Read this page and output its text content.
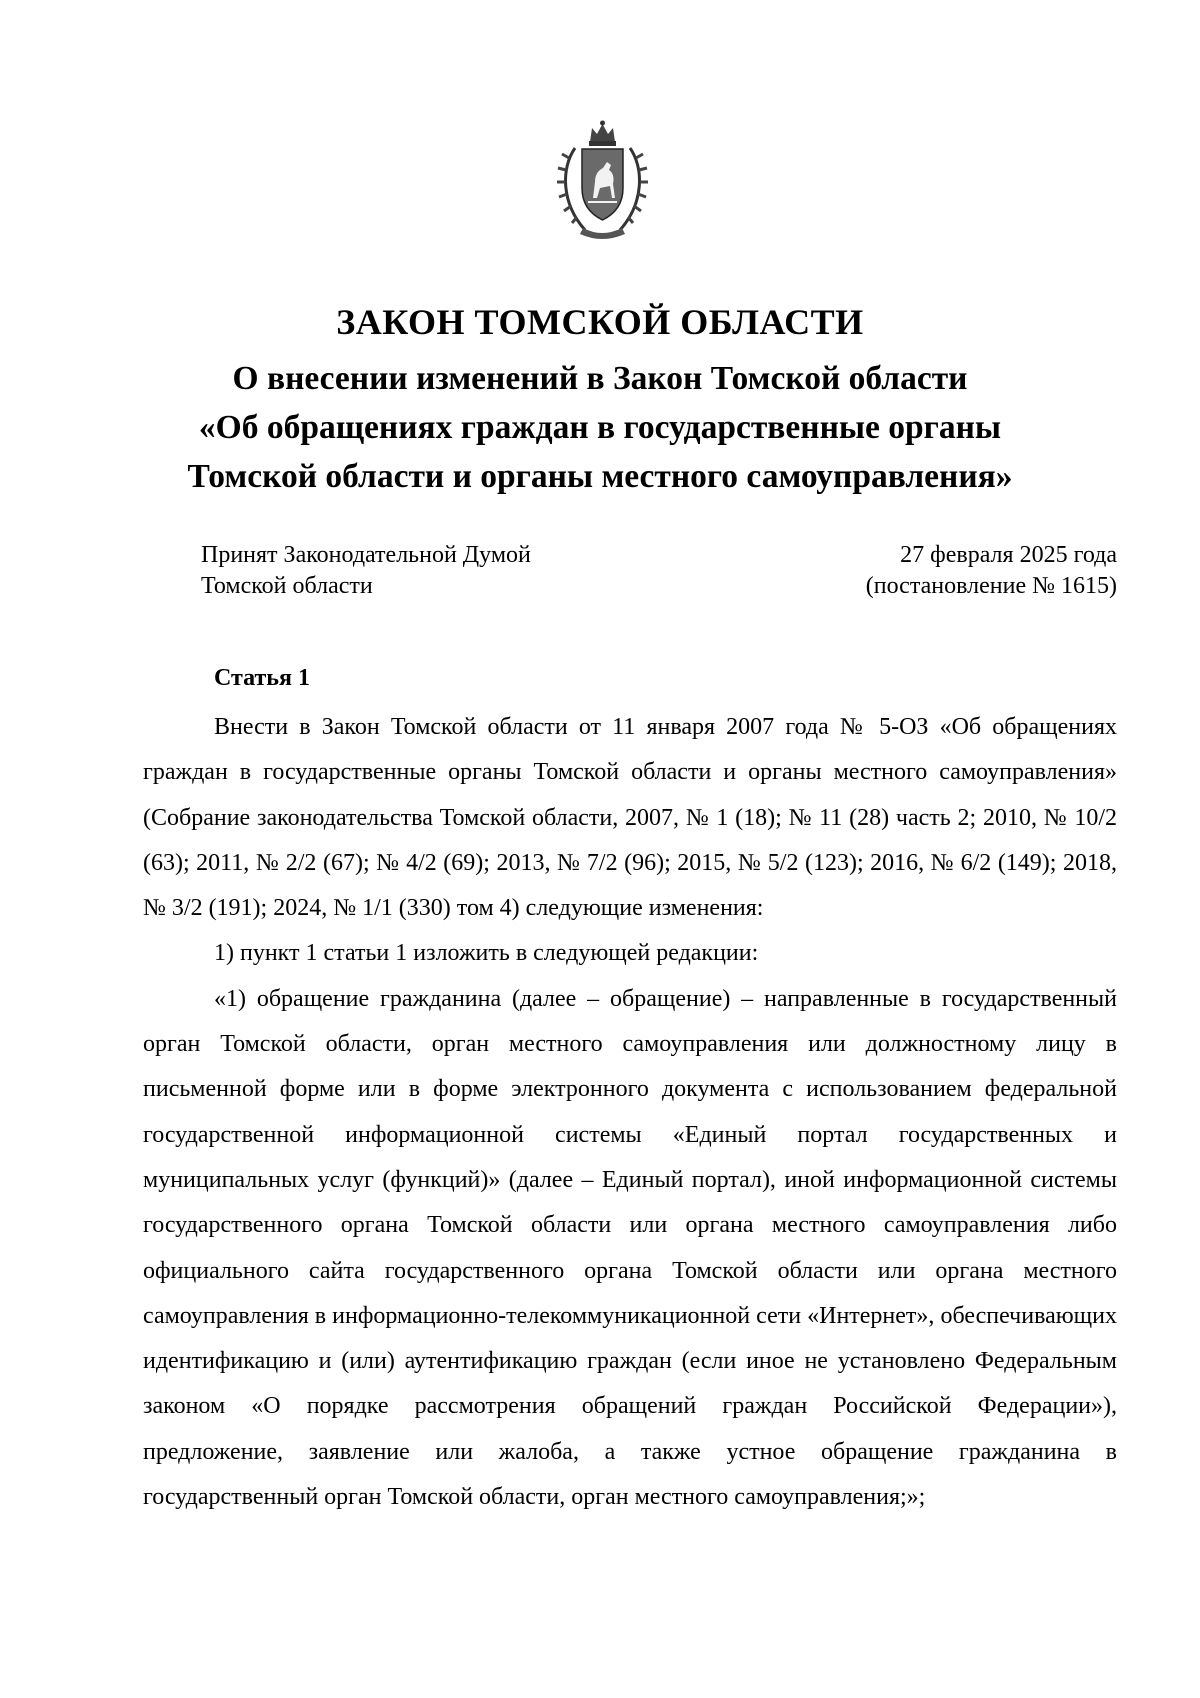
ЗАКОН ТОМСКОЙ ОБЛАСТИ
О внесении изменений в Закон Томской области
«Об обращениях граждан в государственные органы
Томской области и органы местного самоуправления»
Принят Законодательной Думой
Томской области
27 февраля 2025 года
(постановление № 1615)
Статья 1

Внести в Закон Томской области от 11 января 2007 года № 5-ОЗ «Об обращениях граждан в государственные органы Томской области и органы местного самоуправления» (Собрание законодательства Томской области, 2007, № 1 (18); № 11 (28) часть 2; 2010, № 10/2 (63); 2011, № 2/2 (67); № 4/2 (69); 2013, № 7/2 (96); 2015, № 5/2 (123); 2016, № 6/2 (149); 2018, № 3/2 (191); 2024, № 1/1 (330) том 4) следующие изменения:

1) пункт 1 статьи 1 изложить в следующей редакции:

«1) обращение гражданина (далее – обращение) – направленные в государственный орган Томской области, орган местного самоуправления или должностному лицу в письменной форме или в форме электронного документа с использованием федеральной государственной информационной системы «Единый портал государственных и муниципальных услуг (функций)» (далее – Единый портал), иной информационной системы государственного органа Томской области или органа местного самоуправления либо официального сайта государственного органа Томской области или органа местного самоуправления в информационно-телекоммуникационной сети «Интернет», обеспечивающих идентификацию и (или) аутентификацию граждан (если иное не установлено Федеральным законом «О порядке рассмотрения обращений граждан Российской Федерации»), предложение, заявление или жалоба, а также устное обращение гражданина в государственный орган Томской области, орган местного самоуправления;»;
